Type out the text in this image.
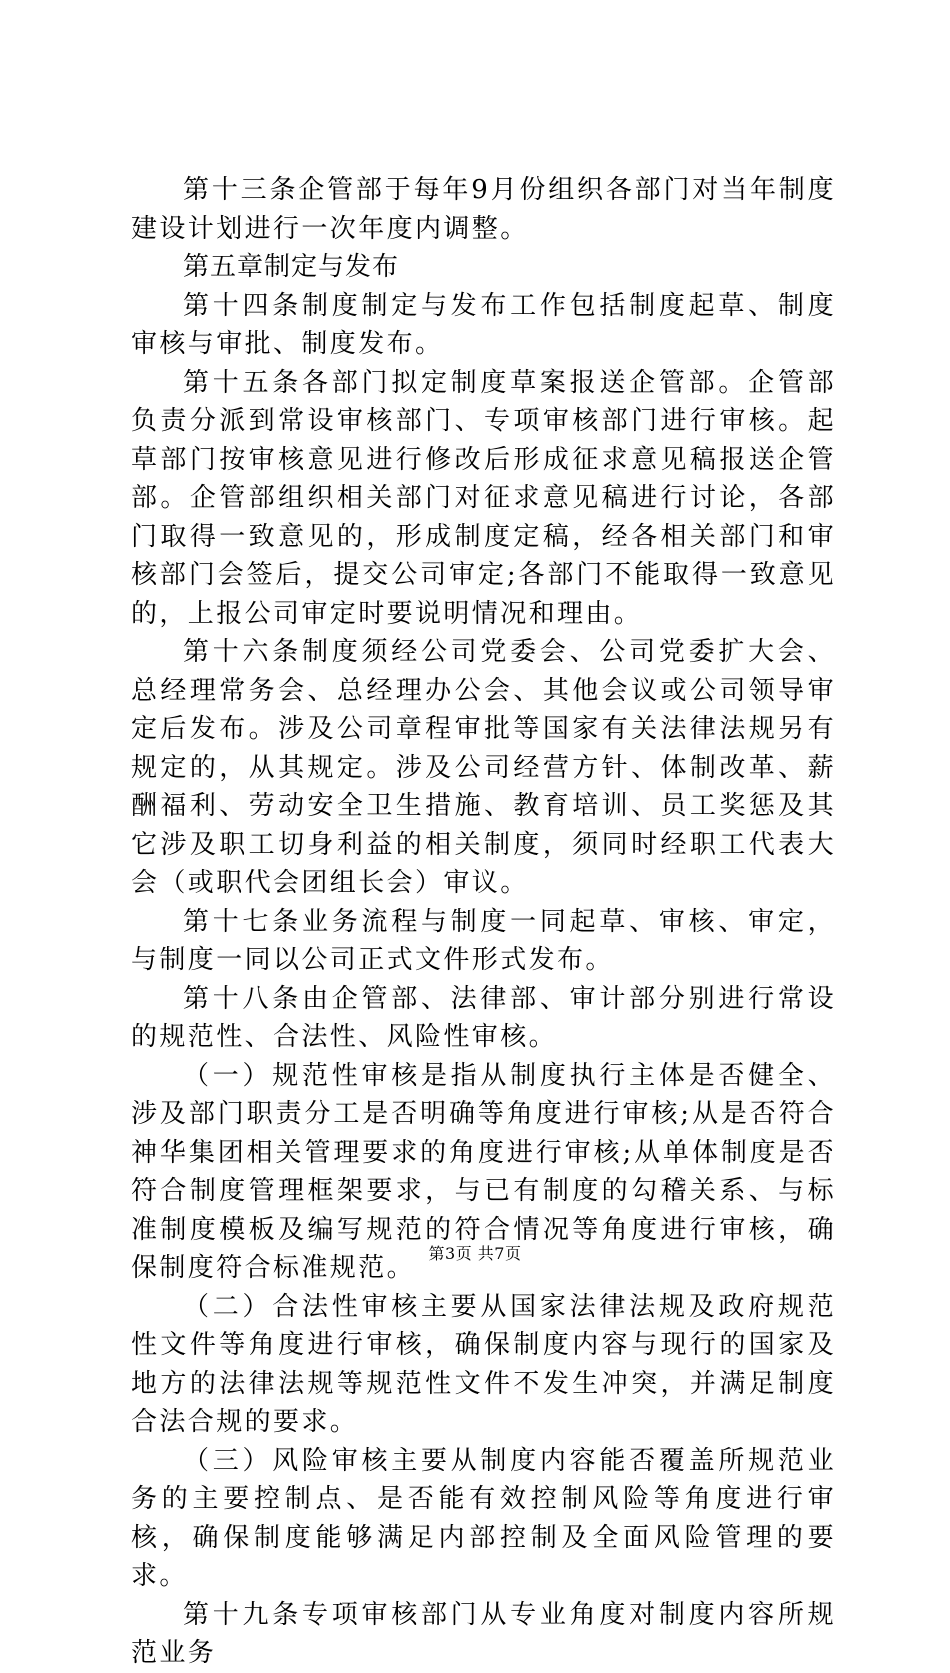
第十三条企管部于每年9月份组织各部门对当年制度建设计划进行一次年度内调整。

第五章制定与发布

第十四条制度制定与发布工作包括制度起草、制度审核与审批、制度发布。

第十五条各部门拟定制度草案报送企管部。企管部负责分派到常设审核部门、专项审核部门进行审核。起草部门按审核意见进行修改后形成征求意见稿报送企管部。企管部组织相关部门对征求意见稿进行讨论，各部门取得一致意见的，形成制度定稿，经各相关部门和审核部门会签后，提交公司审定;各部门不能取得一致意见的，上报公司审定时要说明情况和理由。

第十六条制度须经公司党委会、公司党委扩大会、总经理常务会、总经理办公会、其他会议或公司领导审定后发布。涉及公司章程审批等国家有关法律法规另有规定的，从其规定。涉及公司经营方针、体制改革、薪酬福利、劳动安全卫生措施、教育培训、员工奖惩及其它涉及职工切身利益的相关制度，须同时经职工代表大会（或职代会团组长会）审议。

第十七条业务流程与制度一同起草、审核、审定，与制度一同以公司正式文件形式发布。

第十八条由企管部、法律部、审计部分别进行常设的规范性、合法性、风险性审核。

（一）规范性审核是指从制度执行主体是否健全、涉及部门职责分工是否明确等角度进行审核;从是否符合神华集团相关管理要求的角度进行审核;从单体制度是否符合制度管理框架要求，与已有制度的勾稽关系、与标准制度模板及编写规范的符合情况等角度进行审核，确保制度符合标准规范。

（二）合法性审核主要从国家法律法规及政府规范性文件等角度进行审核，确保制度内容与现行的国家及地方的法律法规等规范性文件不发生冲突，并满足制度合法合规的要求。

（三）风险审核主要从制度内容能否覆盖所规范业务的主要控制点、是否能有效控制风险等角度进行审核，确保制度能够满足内部控制及全面风险管理的要求。

第十九条专项审核部门从专业角度对制度内容所规范业务

第3页 共7页
